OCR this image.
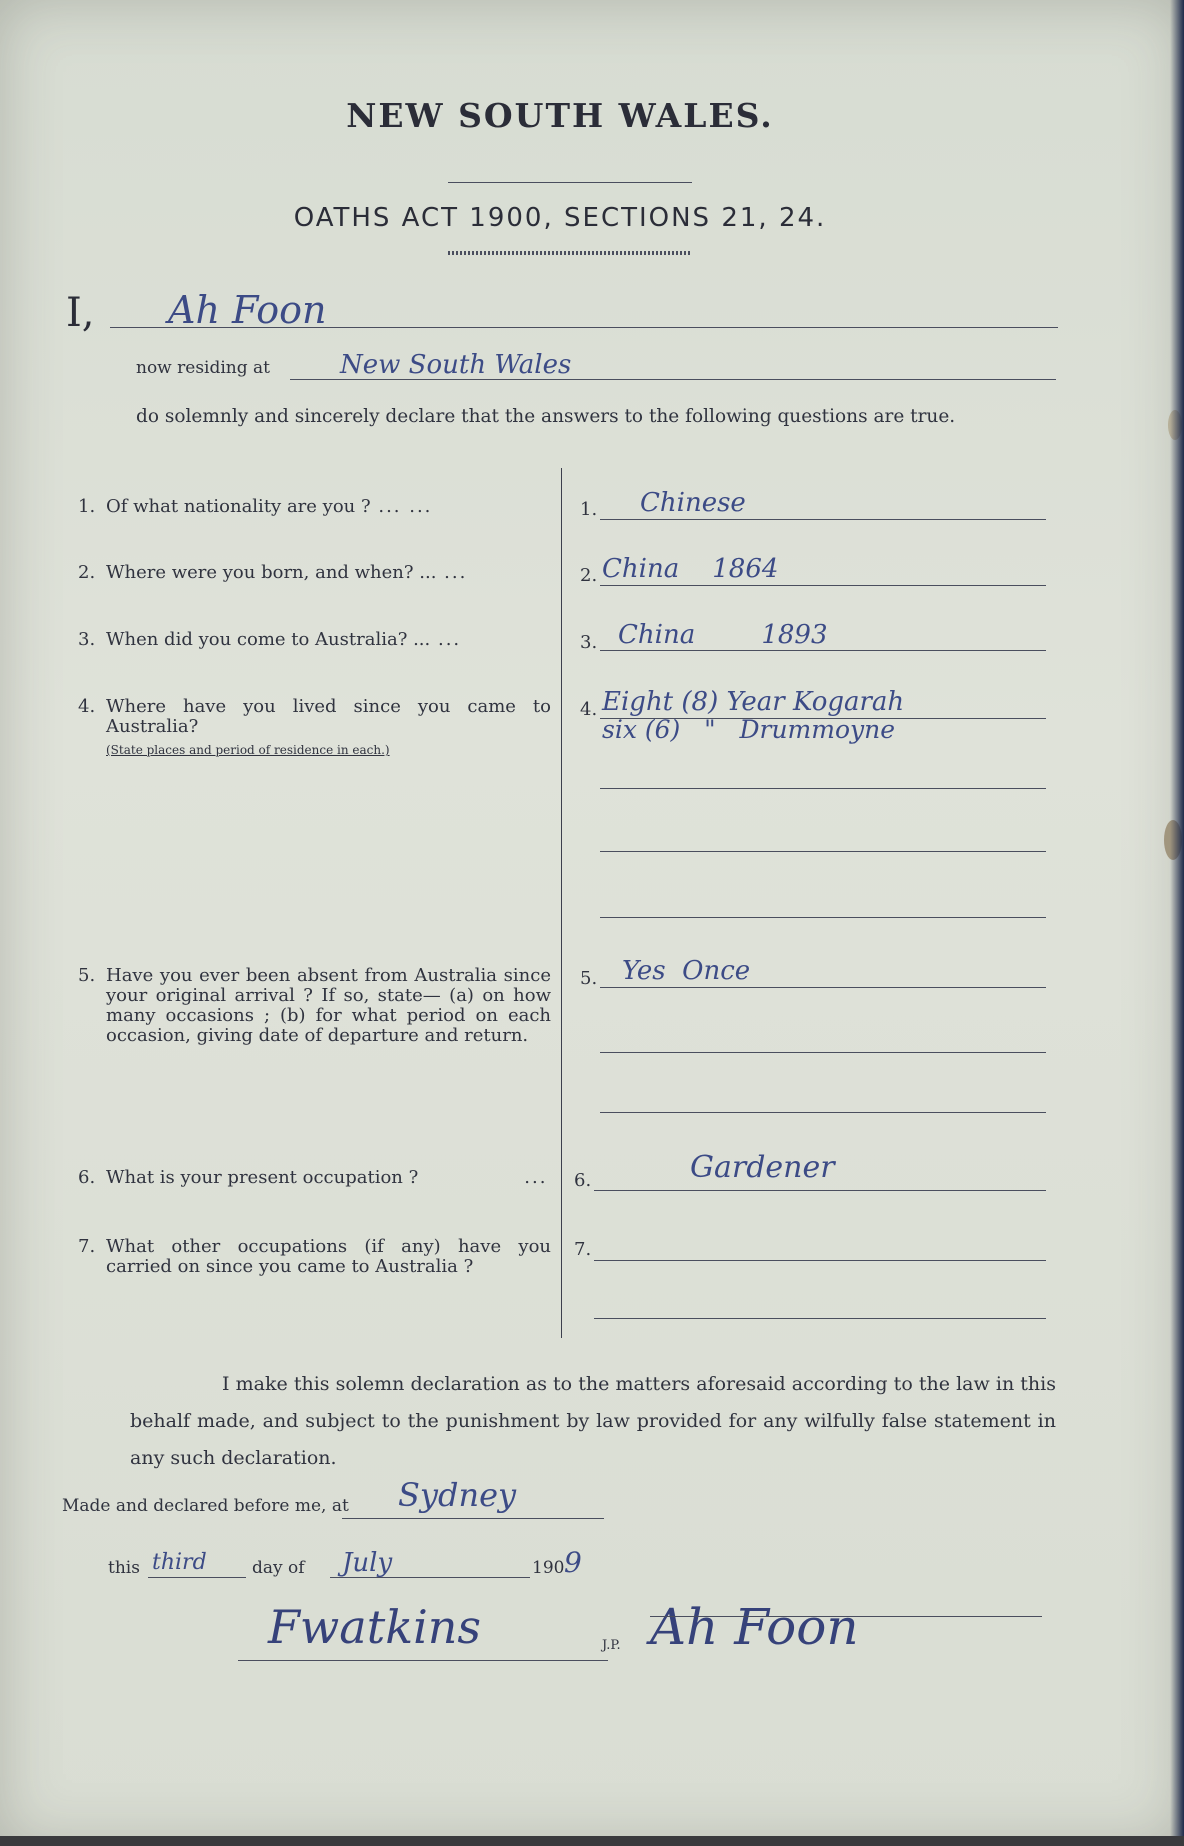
NEW SOUTH WALES.
OATHS ACT 1900, SECTIONS 21, 24.
I, Ah Foon
now residing at	New South Wales
do solemnly and sincerely declare that the answers to the following questions are true.
1. Of what nationality are you ? ... ...	1. Chinese
2. Where were you born, and when? ... ...	2. China    1864
3. When did you come to Australia? ... ...	3. China        1893
4. Where have you lived since you came to Australia?
(State places and period of residence in each.)
4. Eight (8) Year Kogarah
six (6)   "   Drummoyne
5. Have you ever been absent from Australia since your original arrival ? If so, state— (a) on how many occasions ; (b) for what period on each occasion, giving date of departure and return.
5. Yes  Once
6. What is your present occupation ?	... 6.	Gardener
7. What other occupations (if any) have you carried on since you came to Australia ?
7.
I make this solemn declaration as to the matters aforesaid according to the law in this behalf made, and subject to the punishment by law provided for any wilfully false statement in any such declaration.
Made and declared before me, at Sydney
this third	day of July	190 9
Fwatkins	J.P. Ah Foon
